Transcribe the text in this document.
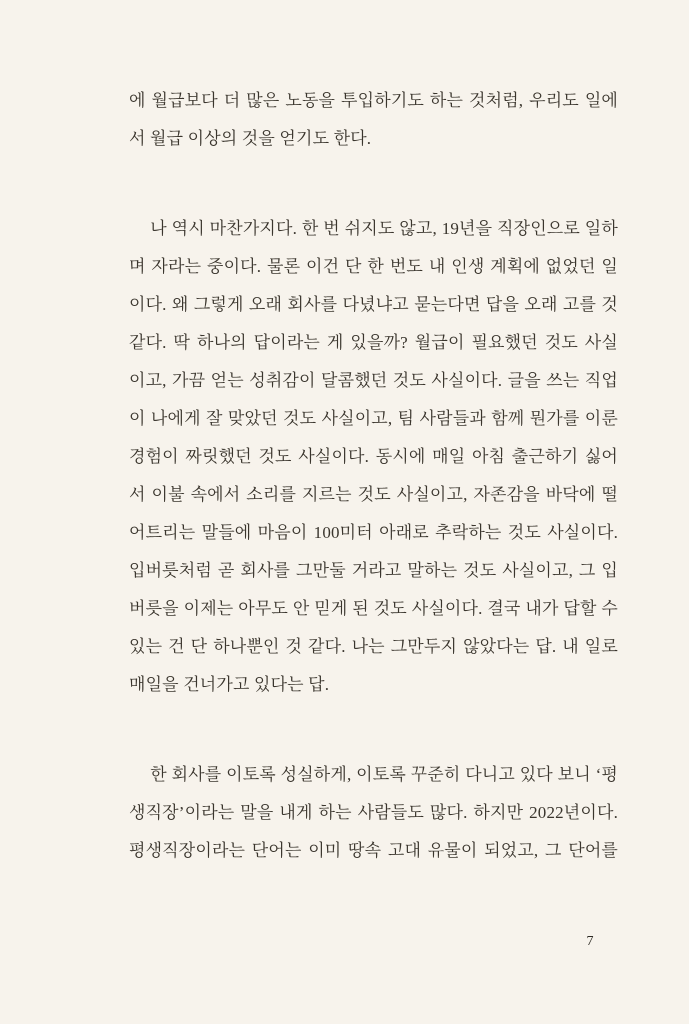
에 월급보다 더 많은 노동을 투입하기도 하는 것처럼, 우리도 일에
서 월급 이상의 것을 얻기도 한다.
나 역시 마찬가지다. 한 번 쉬지도 않고, 19년을 직장인으로 일하
며 자라는 중이다. 물론 이건 단 한 번도 내 인생 계획에 없었던 일
이다. 왜 그렇게 오래 회사를 다녔냐고 묻는다면 답을 오래 고를 것
같다. 딱 하나의 답이라는 게 있을까? 월급이 필요했던 것도 사실
이고, 가끔 얻는 성취감이 달콤했던 것도 사실이다. 글을 쓰는 직업
이 나에게 잘 맞았던 것도 사실이고, 팀 사람들과 함께 뭔가를 이룬
경험이 짜릿했던 것도 사실이다. 동시에 매일 아침 출근하기 싫어
서 이불 속에서 소리를 지르는 것도 사실이고, 자존감을 바닥에 떨
어트리는 말들에 마음이 100미터 아래로 추락하는 것도 사실이다.
입버릇처럼 곧 회사를 그만둘 거라고 말하는 것도 사실이고, 그 입
버릇을 이제는 아무도 안 믿게 된 것도 사실이다. 결국 내가 답할 수
있는 건 단 하나뿐인 것 같다. 나는 그만두지 않았다는 답. 내 일로
매일을 건너가고 있다는 답.
한 회사를 이토록 성실하게, 이토록 꾸준히 다니고 있다 보니 ‘평
생직장’이라는 말을 내게 하는 사람들도 많다. 하지만 2022년이다.
평생직장이라는 단어는 이미 땅속 고대 유물이 되었고, 그 단어를
7
